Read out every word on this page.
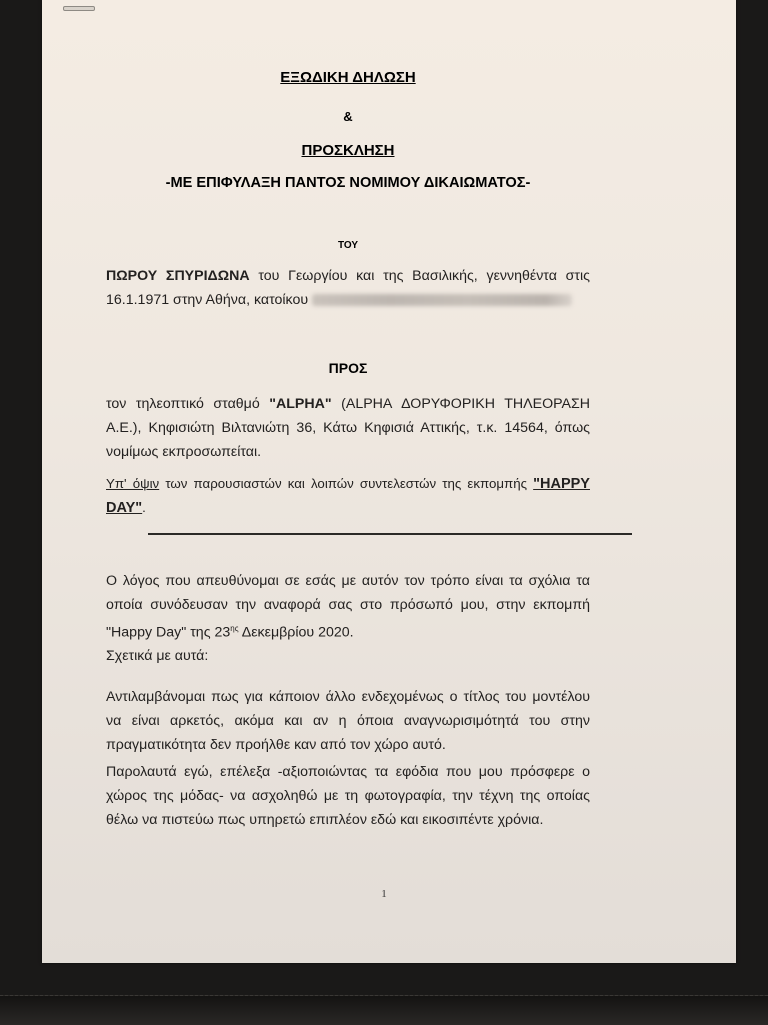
ΕΞΩΔΙΚΗ ΔΗΛΩΣΗ
&
ΠΡΟΣΚΛΗΣΗ
-ΜΕ ΕΠΙΦΥΛΑΞΗ ΠΑΝΤΟΣ ΝΟΜΙΜΟΥ ΔΙΚΑΙΩΜΑΤΟΣ-
ΤΟΥ

ΠΩΡΟΥ ΣΠΥΡΙΔΩΝΑ του Γεωργίου και της Βασιλικής, γεννηθέντα στις 16.1.1971 στην Αθήνα, κατοίκου

ΠΡΟΣ

τον τηλεοπτικό σταθμό "ALPHA" (ALPHA ΔΟΡΥΦΟΡΙΚΗ ΤΗΛΕΟΡΑΣΗ Α.Ε.), Κηφισιώτη Βιλτανιώτη 36, Κάτω Κηφισιά Αττικής, τ.κ. 14564, όπως νομίμως εκπροσωπείται.

Υπ' όψιν των παρουσιαστών και λοιπών συντελεστών της εκπομπής "HAPPY DAY".

Ο λόγος που απευθύνομαι σε εσάς με αυτόν τον τρόπο είναι τα σχόλια τα οποία συνόδευσαν την αναφορά σας στο πρόσωπό μου, στην εκπομπή "Happy Day" της $23^{\eta\varsigma}$ Δεκεμβρίου 2020.

Σχετικά με αυτά:

Αντιλαμβάνομαι πως για κάποιον άλλο ενδεχομένως ο τίτλος του μοντέλου να είναι αρκετός, ακόμα και αν η όποια αναγνωρισιμότητά του στην πραγματικότητα δεν προήλθε καν από τον χώρο αυτό.

Παρολαυτά εγώ, επέλεξα -αξιοποιώντας τα εφόδια που μου πρόσφερε ο χώρος της μόδας- να ασχοληθώ με τη φωτογραφία, την τέχνη της οποίας θέλω να πιστεύω πως υπηρετώ επιπλέον εδώ και εικοσιπέντε χρόνια.

1
